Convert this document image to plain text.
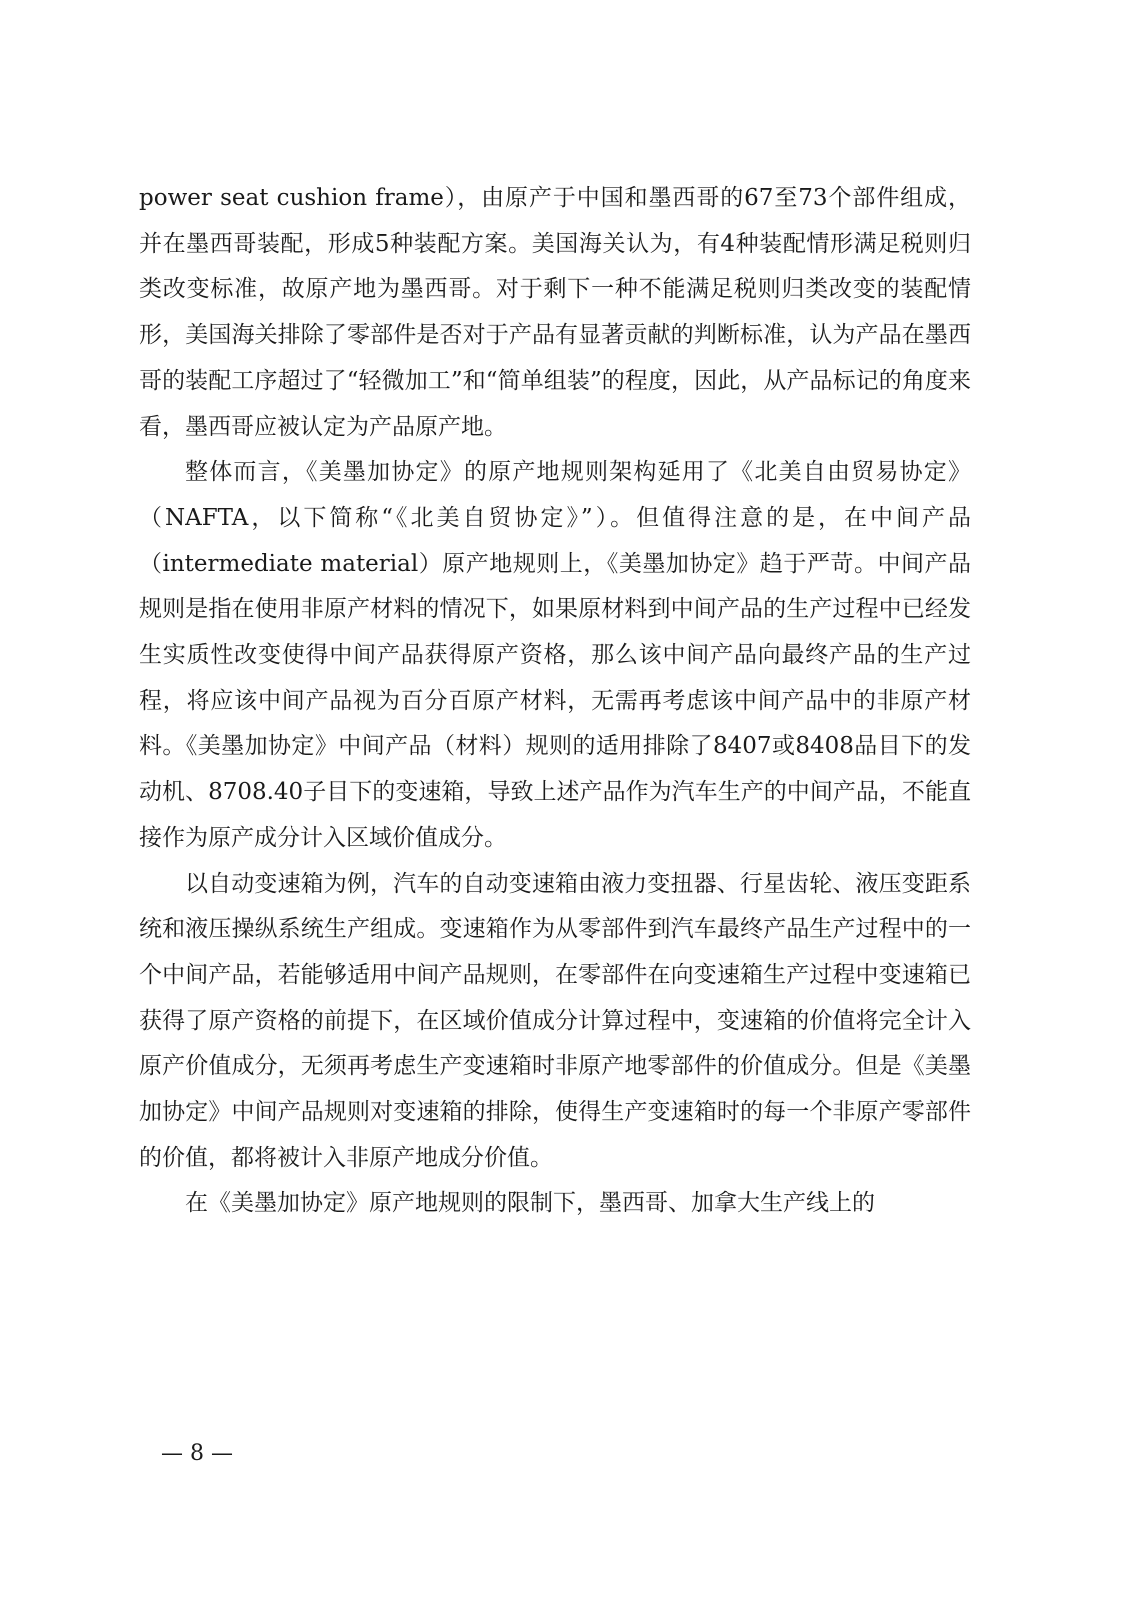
power seat cushion frame），由原产于中国和墨西哥的67至73个部件组成，并在墨西哥装配，形成5种装配方案。美国海关认为，有4种装配情形满足税则归类改变标准，故原产地为墨西哥。对于剩下一种不能满足税则归类改变的装配情形，美国海关排除了零部件是否对于产品有显著贡献的判断标准，认为产品在墨西哥的装配工序超过了“轻微加工”和“简单组装”的程度，因此，从产品标记的角度来看，墨西哥应被认定为产品原产地。

整体而言，《美墨加协定》的原产地规则架构延用了《北美自由贸易协定》（NAFTA，以下简称“《北美自贸协定》”）。但值得注意的是，在中间产品（intermediate material）原产地规则上，《美墨加协定》趋于严苛。中间产品规则是指在使用非原产材料的情况下，如果原材料到中间产品的生产过程中已经发生实质性改变使得中间产品获得原产资格，那么该中间产品向最终产品的生产过程，将应该中间产品视为百分百原产材料，无需再考虑该中间产品中的非原产材料。《美墨加协定》中间产品（材料）规则的适用排除了8407或8408品目下的发动机、8708.40子目下的变速箱，导致上述产品作为汽车生产的中间产品，不能直接作为原产成分计入区域价值成分。

以自动变速箱为例，汽车的自动变速箱由液力变扭器、行星齿轮、液压变距系统和液压操纵系统生产组成。变速箱作为从零部件到汽车最终产品生产过程中的一个中间产品，若能够适用中间产品规则，在零部件在向变速箱生产过程中变速箱已获得了原产资格的前提下，在区域价值成分计算过程中，变速箱的价值将完全计入原产价值成分，无须再考虑生产变速箱时非原产地零部件的价值成分。但是《美墨加协定》中间产品规则对变速箱的排除，使得生产变速箱时的每一个非原产零部件的价值，都将被计入非原产地成分价值。

在《美墨加协定》原产地规则的限制下，墨西哥、加拿大生产线上的

— 8 —
